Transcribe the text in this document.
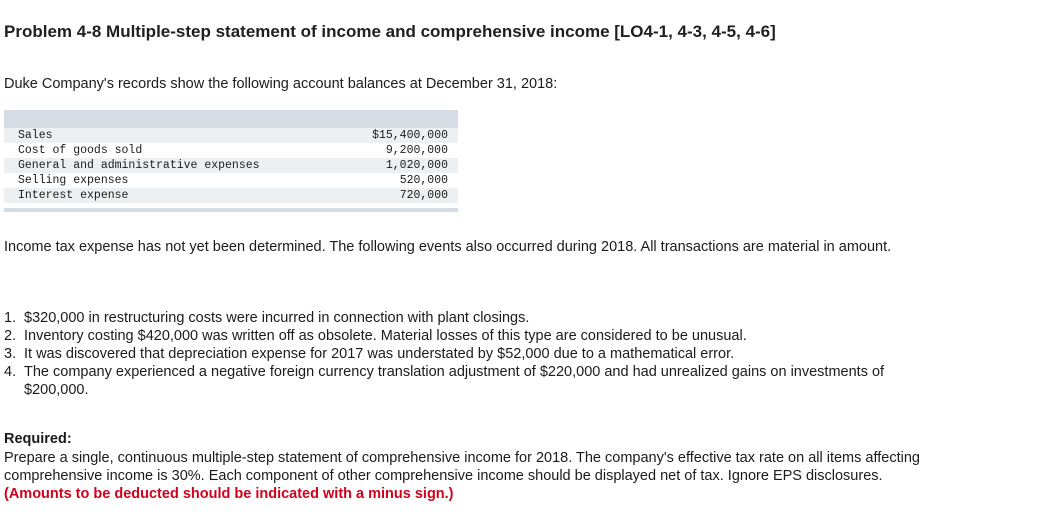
Problem 4-8 Multiple-step statement of income and comprehensive income [LO4-1, 4-3, 4-5, 4-6]
Duke Company's records show the following account balances at December 31, 2018:
Sales	$15,400,000
Cost of goods sold	9,200,000
General and administrative expenses	1,020,000
Selling expenses	520,000
Interest expense	720,000
Income tax expense has not yet been determined. The following events also occurred during 2018. All transactions are material in amount.
1. $320,000 in restructuring costs were incurred in connection with plant closings.
2. Inventory costing $420,000 was written off as obsolete. Material losses of this type are considered to be unusual.
3. It was discovered that depreciation expense for 2017 was understated by $52,000 due to a mathematical error.
4. The company experienced a negative foreign currency translation adjustment of $220,000 and had unrealized gains on investments of $200,000.
Required:
Prepare a single, continuous multiple-step statement of comprehensive income for 2018. The company's effective tax rate on all items affecting comprehensive income is 30%. Each component of other comprehensive income should be displayed net of tax. Ignore EPS disclosures. (Amounts to be deducted should be indicated with a minus sign.)
